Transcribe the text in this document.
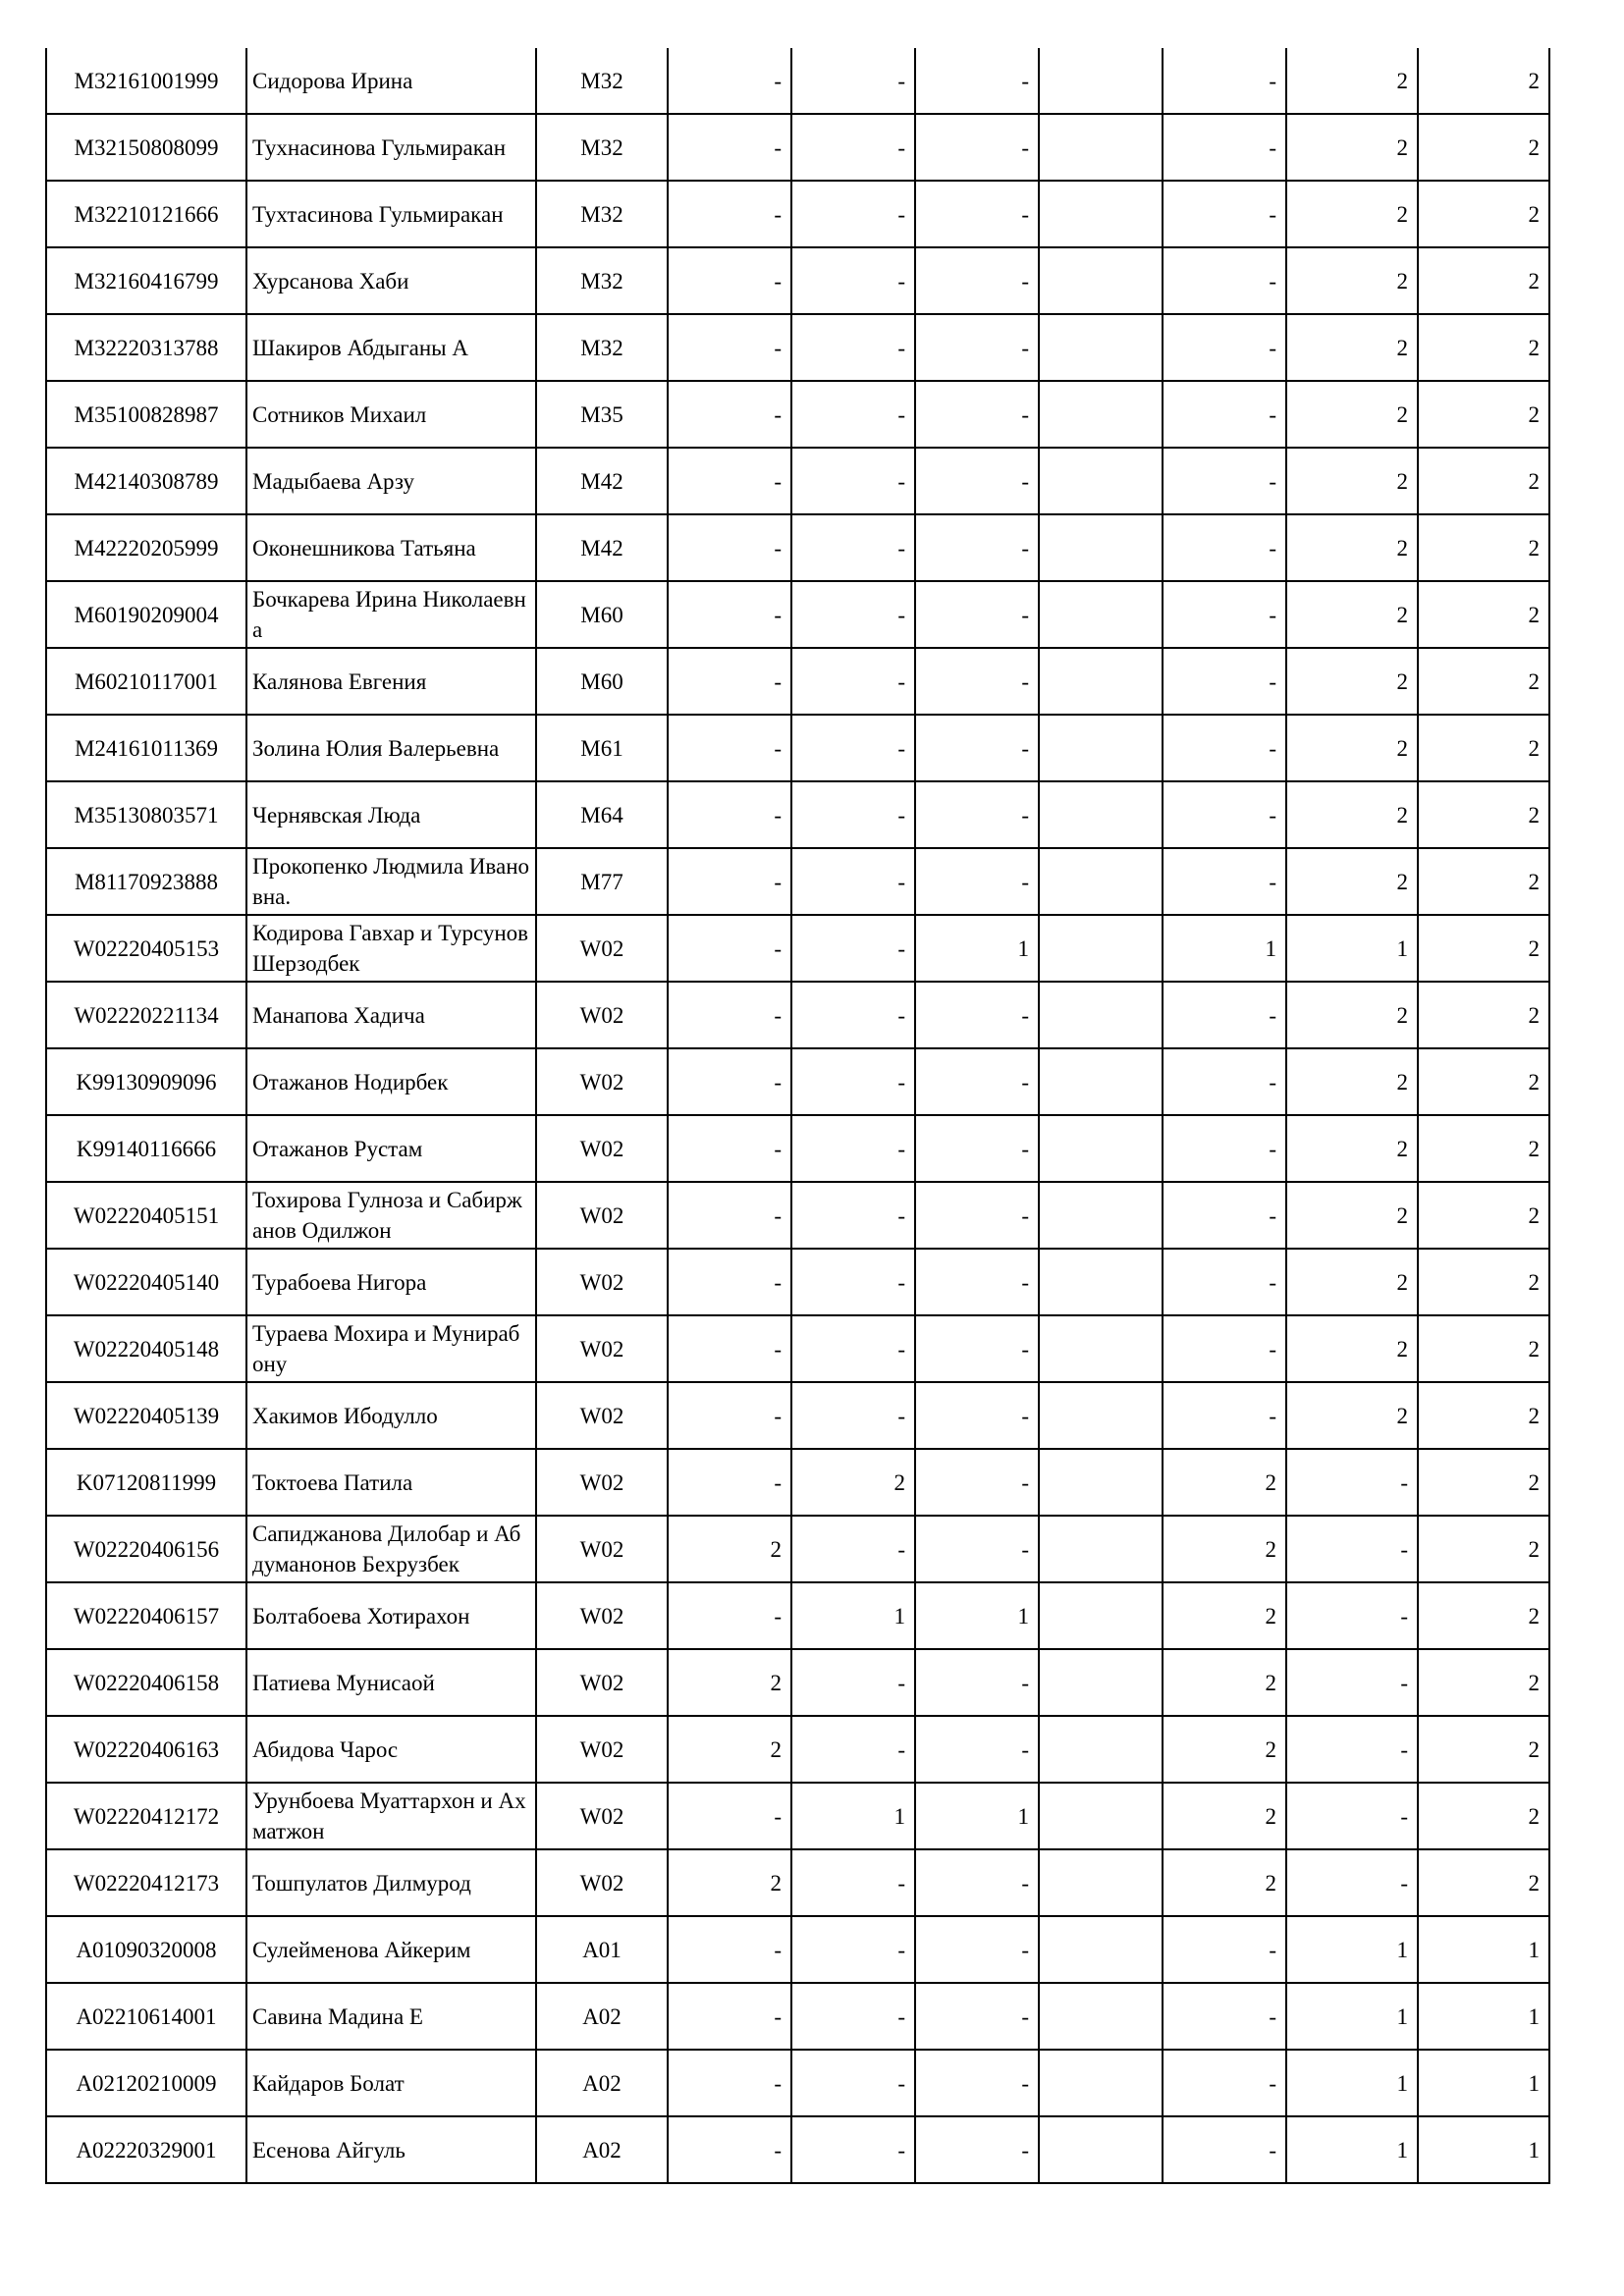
M32161001999	Сидорова Ирина	M32	-	-	-		-	2	2
M32150808099	Тухнасинова Гульмиракан	M32	-	-	-		-	2	2
M32210121666	Тухтасинова Гульмиракан	M32	-	-	-		-	2	2
M32160416799	Хурсанова Хаби	M32	-	-	-		-	2	2
M32220313788	Шакиров Абдыганы А	M32	-	-	-		-	2	2
M35100828987	Сотников Михаил	M35	-	-	-		-	2	2
M42140308789	Мадыбаева Арзу	M42	-	-	-		-	2	2
M42220205999	Оконешникова Татьяна	M42	-	-	-		-	2	2
M60190209004	Бочкарева Ирина Николаевна	M60	-	-	-		-	2	2
M60210117001	Калянова Евгения	M60	-	-	-		-	2	2
M24161011369	Золина Юлия Валерьевна	M61	-	-	-		-	2	2
M35130803571	Чернявская Люда	M64	-	-	-		-	2	2
M81170923888	Прокопенко Людмила Ивановна.	M77	-	-	-		-	2	2
W02220405153	Кодирова Гавхар и Турсунов Шерзодбек	W02	-	-	1		1	1	2
W02220221134	Манапова Хадича	W02	-	-	-		-	2	2
K99130909096	Отажанов Нодирбек	W02	-	-	-		-	2	2
K99140116666	Отажанов Рустам	W02	-	-	-		-	2	2
W02220405151	Тохирова Гулноза и Сабиржанов Одилжон	W02	-	-	-		-	2	2
W02220405140	Турабоева Нигора	W02	-	-	-		-	2	2
W02220405148	Тураева Мохира и Мунирабону	W02	-	-	-		-	2	2
W02220405139	Хакимов Ибодулло	W02	-	-	-		-	2	2
K07120811999	Токтоева Патила	W02	-	2	-		2	-	2
W02220406156	Сапиджанова Дилобар и Абдуманонов Бехрузбек	W02	2	-	-		2	-	2
W02220406157	Болтабоева Хотирахон	W02	-	1	1		2	-	2
W02220406158	Патиева Мунисаой	W02	2	-	-		2	-	2
W02220406163	Абидова Чарос	W02	2	-	-		2	-	2
W02220412172	Урунбоева Муаттархон и Ахматжон	W02	-	1	1		2	-	2
W02220412173	Тошпулатов Дилмурод	W02	2	-	-		2	-	2
A01090320008	Сулейменова Айкерим	A01	-	-	-		-	1	1
A02210614001	Савина Мадина Е	A02	-	-	-		-	1	1
A02120210009	Кайдаров Болат	A02	-	-	-		-	1	1
A02220329001	Есенова Айгуль	A02	-	-	-		-	1	1
